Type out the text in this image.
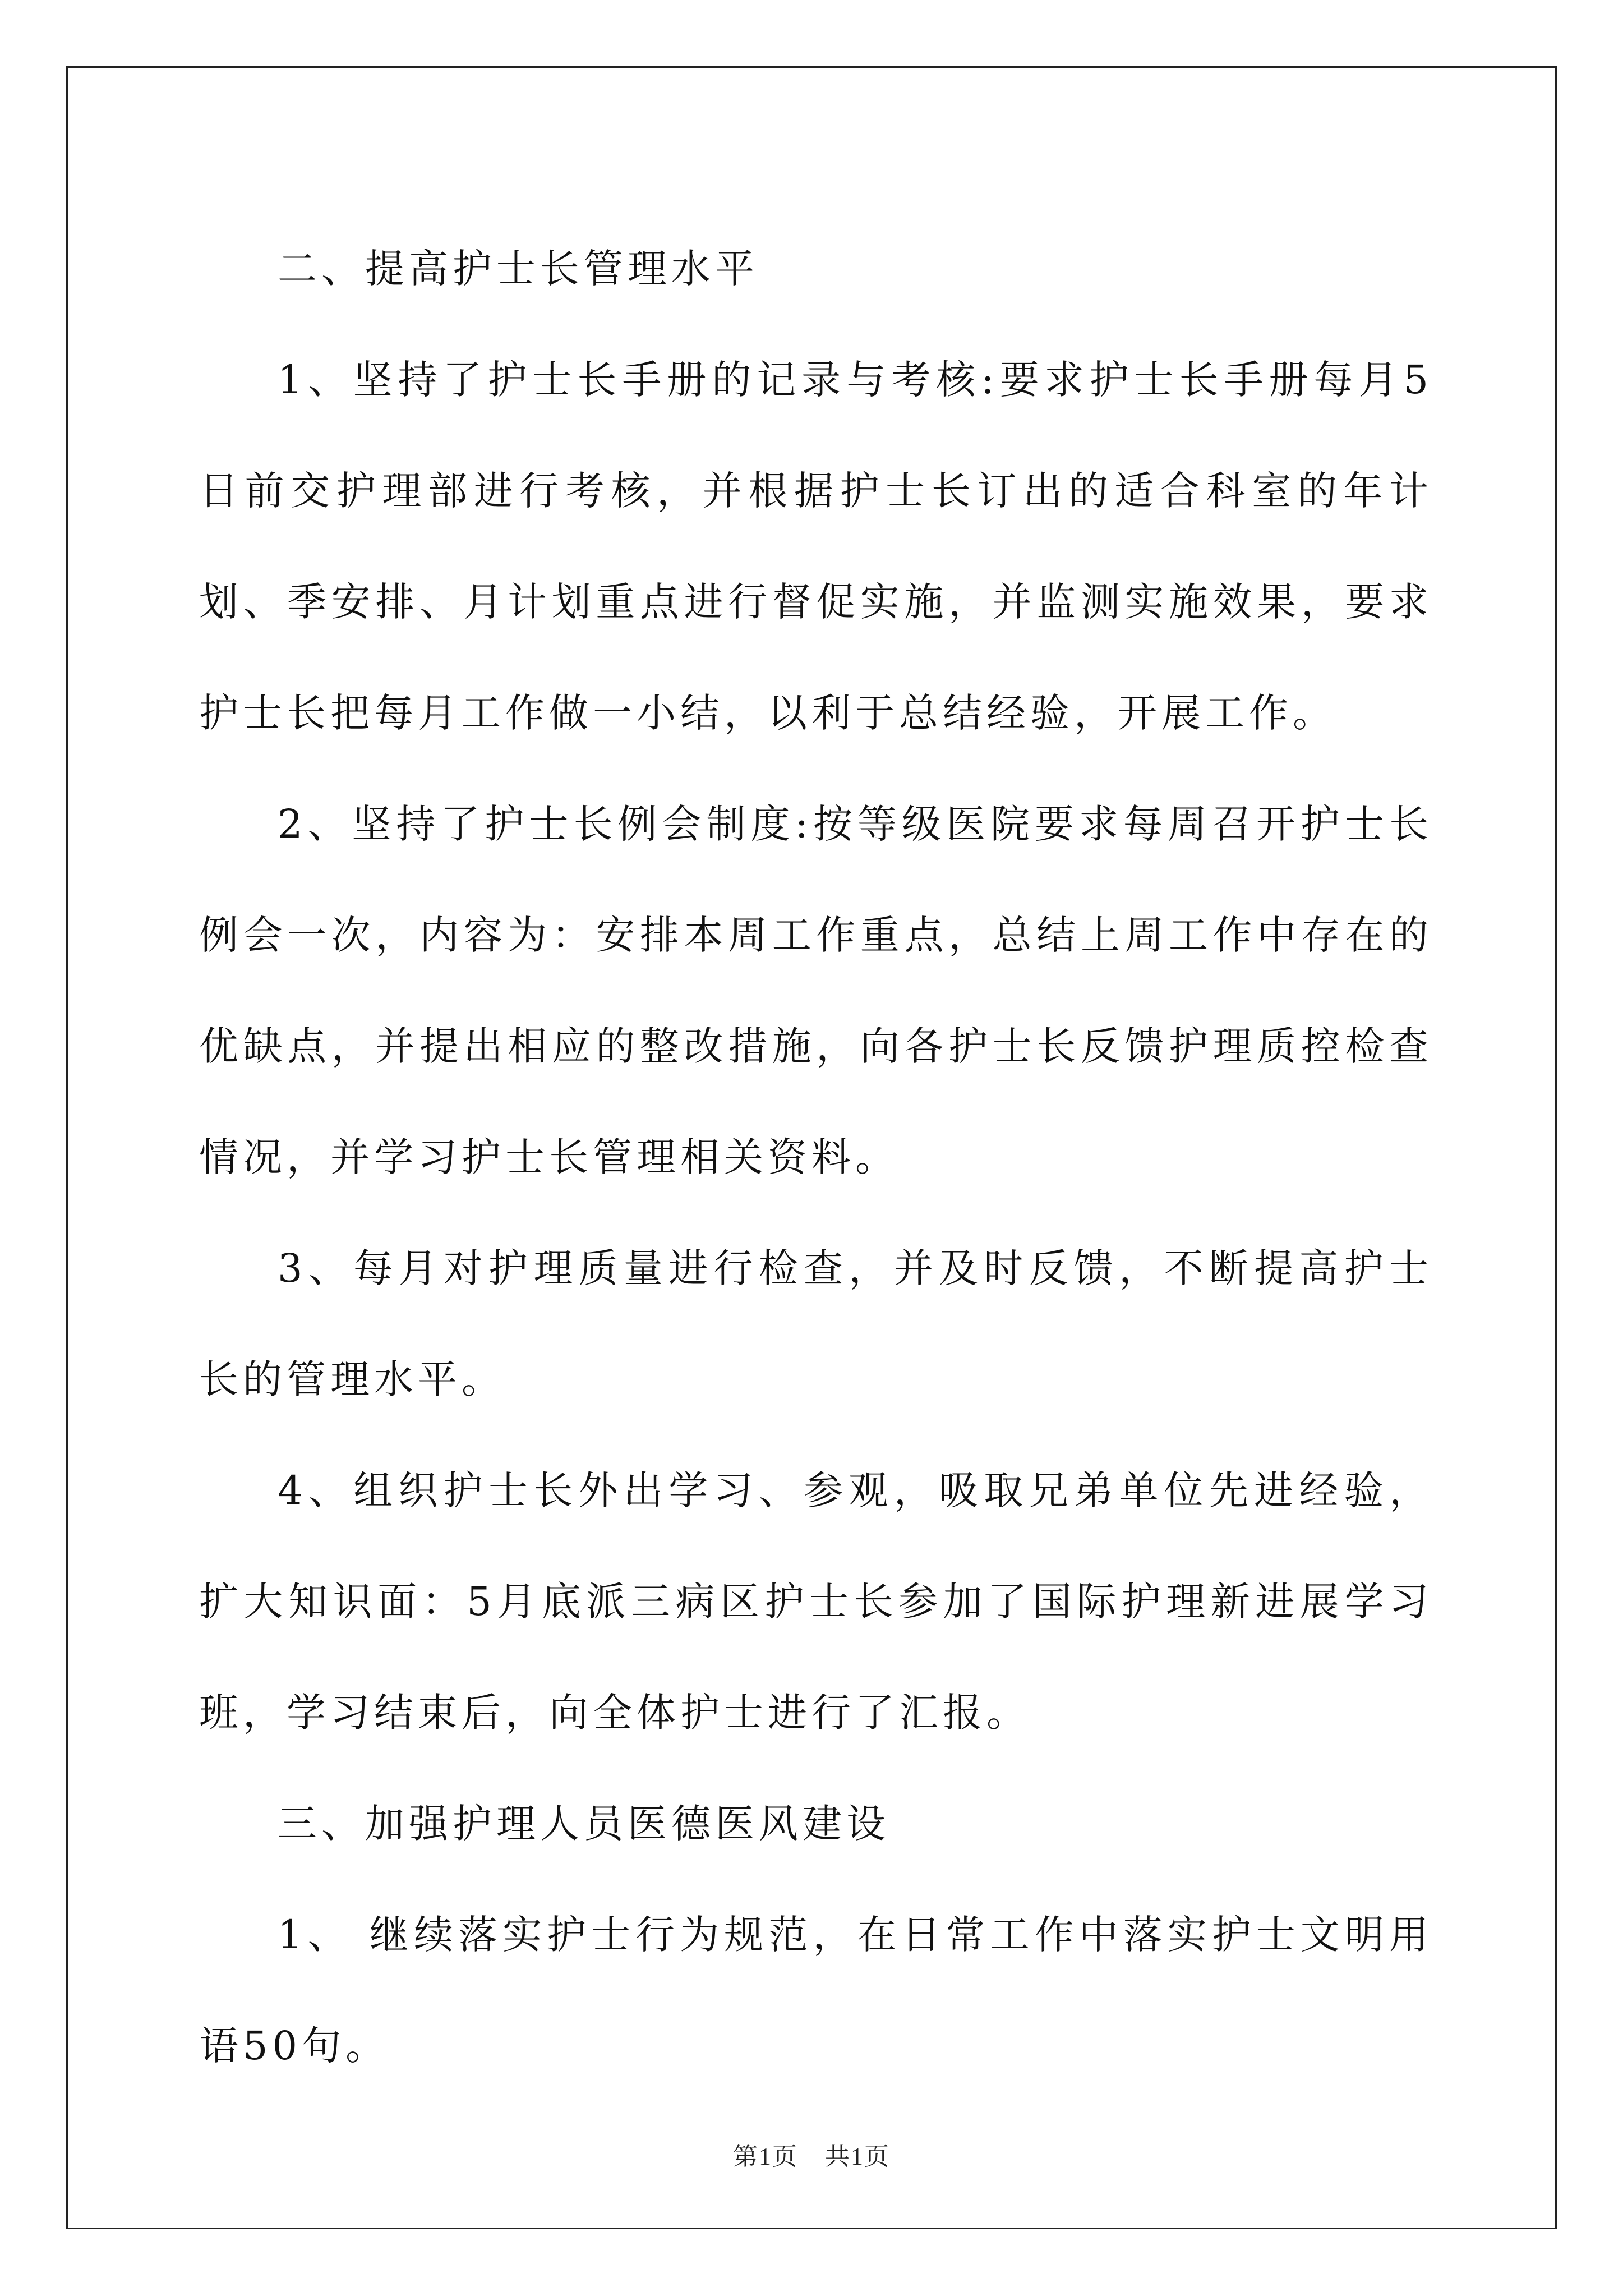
二、提高护士长管理水平

1、坚持了护士长手册的记录与考核:要求护士长手册每月5日前交护理部进行考核，并根据护士长订出的适合科室的年计划、季安排、月计划重点进行督促实施，并监测实施效果，要求护士长把每月工作做一小结，以利于总结经验，开展工作。

2、坚持了护士长例会制度:按等级医院要求每周召开护士长例会一次，内容为：安排本周工作重点，总结上周工作中存在的优缺点，并提出相应的整改措施，向各护士长反馈护理质控检查情况，并学习护士长管理相关资料。

3、每月对护理质量进行检查，并及时反馈，不断提高护士长的管理水平。

4、组织护士长外出学习、参观，吸取兄弟单位先进经验，扩大知识面：5月底派三病区护士长参加了国际护理新进展学习班，学习结束后，向全体护士进行了汇报。

三、加强护理人员医德医风建设

1、 继续落实护士行为规范，在日常工作中落实护士文明用语50句。

第1页 共1页
